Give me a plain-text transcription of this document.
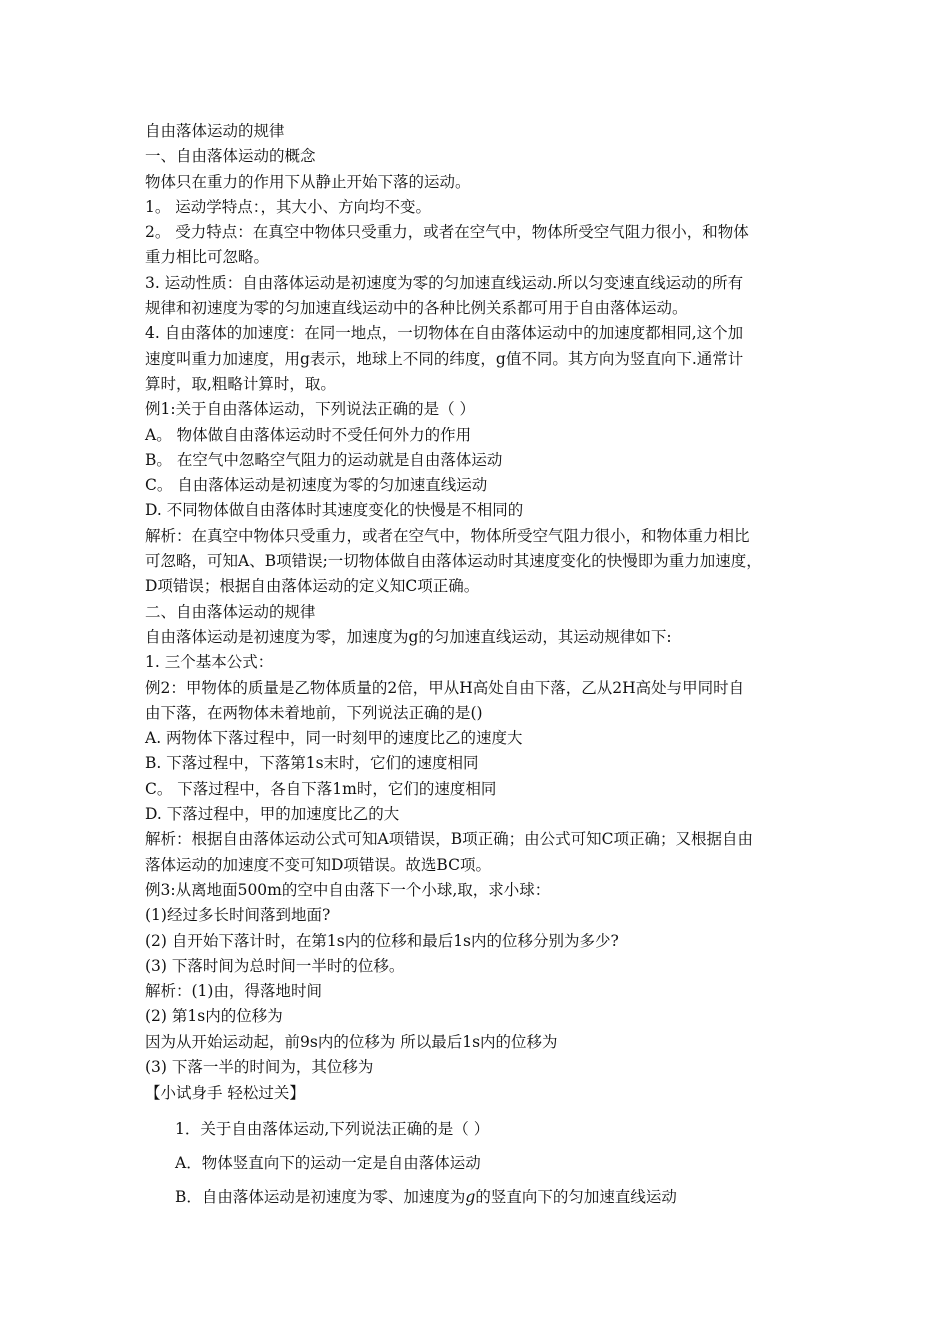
自由落体运动的规律
一、自由落体运动的概念
物体只在重力的作用下从静止开始下落的运动。
1。 运动学特点：，其大小、方向均不变。
2。 受力特点：在真空中物体只受重力，或者在空气中，物体所受空气阻力很小，和物体
重力相比可忽略。
3. 运动性质：自由落体运动是初速度为零的匀加速直线运动.所以匀变速直线运动的所有
规律和初速度为零的匀加速直线运动中的各种比例关系都可用于自由落体运动。
4. 自由落体的加速度：在同一地点，一切物体在自由落体运动中的加速度都相同,这个加
速度叫重力加速度，用g表示，地球上不同的纬度，g值不同。其方向为竖直向下.通常计
算时，取,粗略计算时，取。
例1:关于自由落体运动，下列说法正确的是（ ）
A。 物体做自由落体运动时不受任何外力的作用
B。 在空气中忽略空气阻力的运动就是自由落体运动
C。 自由落体运动是初速度为零的匀加速直线运动
D. 不同物体做自由落体时其速度变化的快慢是不相同的
解析：在真空中物体只受重力，或者在空气中，物体所受空气阻力很小，和物体重力相比
可忽略，可知A、B项错误;一切物体做自由落体运动时其速度变化的快慢即为重力加速度，
D项错误；根据自由落体运动的定义知C项正确。
二、自由落体运动的规律
自由落体运动是初速度为零，加速度为g的匀加速直线运动，其运动规律如下:
1. 三个基本公式：
例2：甲物体的质量是乙物体质量的2倍，甲从H高处自由下落，乙从2H高处与甲同时自
由下落，在两物体未着地前，下列说法正确的是()
A. 两物体下落过程中，同一时刻甲的速度比乙的速度大
B. 下落过程中，下落第1s末时，它们的速度相同
C。 下落过程中，各自下落1m时，它们的速度相同
D. 下落过程中，甲的加速度比乙的大
解析：根据自由落体运动公式可知A项错误，B项正确；由公式可知C项正确；又根据自由
落体运动的加速度不变可知D项错误。故选BC项。
例3:从离地面500m的空中自由落下一个小球,取，求小球：
(1)经过多长时间落到地面?
(2) 自开始下落计时，在第1s内的位移和最后1s内的位移分别为多少?
(3) 下落时间为总时间一半时的位移。
解析：(1)由，得落地时间
(2) 第1s内的位移为
因为从开始运动起，前9s内的位移为 所以最后1s内的位移为
(3) 下落一半的时间为，其位移为
【小试身手 轻松过关】
1．关于自由落体运动,下列说法正确的是（ ）
A．物体竖直向下的运动一定是自由落体运动
B．自由落体运动是初速度为零、加速度为g的竖直向下的匀加速直线运动
